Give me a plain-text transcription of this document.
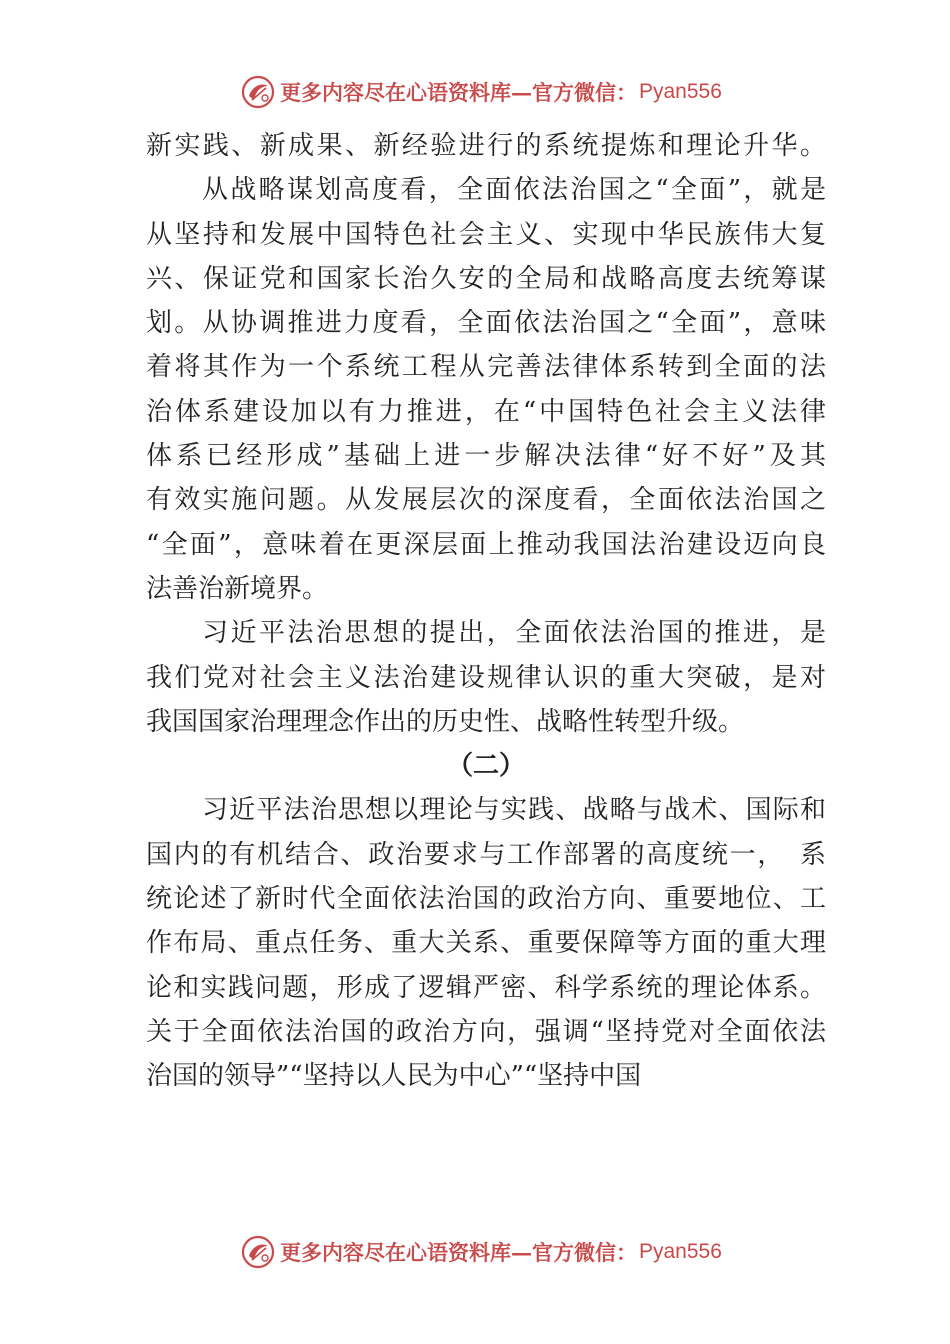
更多内容尽在心语资料库—官方微信： Pyan556
新实践、新成果、新经验进行的系统提炼和理论升华。
从战略谋划高度看，全面依法治国之“全面”，就是
从坚持和发展中国特色社会主义、实现中华民族伟大复
兴、保证党和国家长治久安的全局和战略高度去统筹谋
划。从协调推进力度看，全面依法治国之“全面”，意味
着将其作为一个系统工程从完善法律体系转到全面的法
治体系建设加以有力推进，在“中国特色社会主义法律
体系已经形成”基础上进一步解决法律“好不好”及其
有效实施问题。从发展层次的深度看，全面依法治国之
“全面”，意味着在更深层面上推动我国法治建设迈向良
法善治新境界。
习近平法治思想的提出，全面依法治国的推进，是
我们党对社会主义法治建设规律认识的重大突破，是对
我国国家治理理念作出的历史性、战略性转型升级。
（二）
习近平法治思想以理论与实践、战略与战术、国际和
国内的有机结合、政治要求与工作部署的高度统一，　系
统论述了新时代全面依法治国的政治方向、重要地位、工
作布局、重点任务、重大关系、重要保障等方面的重大理
论和实践问题，形成了逻辑严密、科学系统的理论体系。
关于全面依法治国的政治方向，强调“坚持党对全面依法
治国的领导”“坚持以人民为中心”“坚持中国
更多内容尽在心语资料库—官方微信： Pyan556
